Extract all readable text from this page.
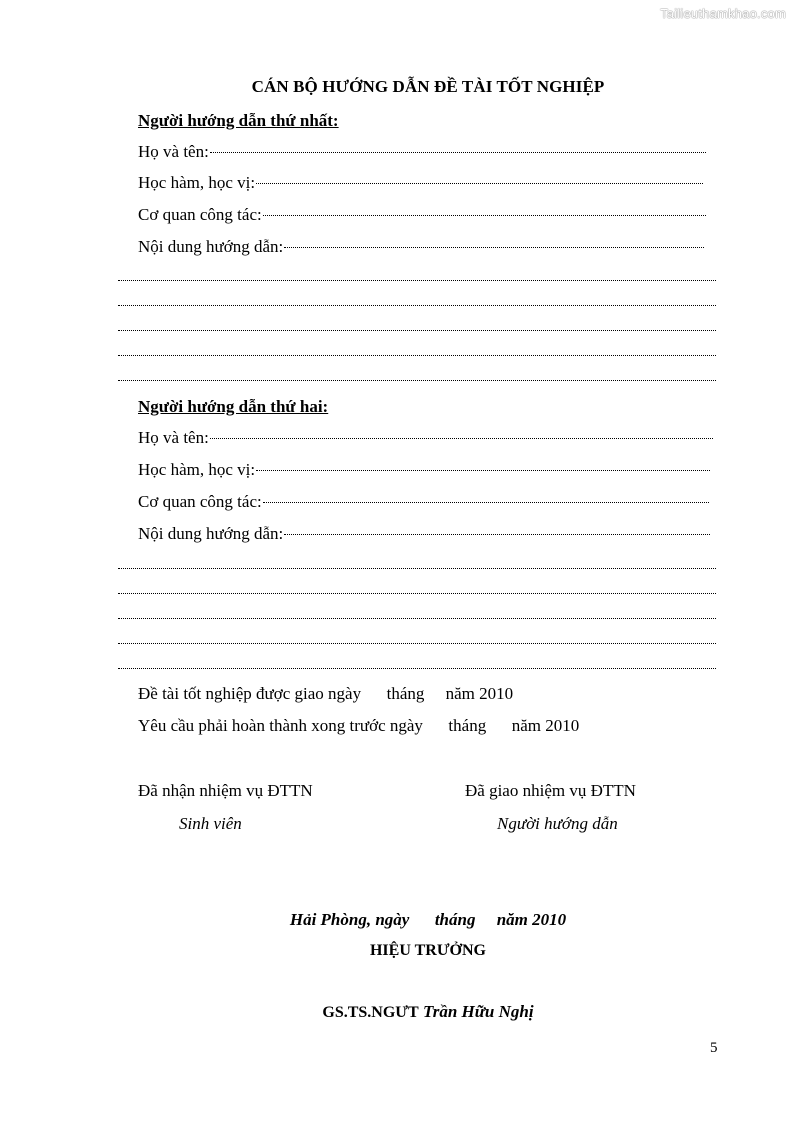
Tailieuthamkhao.com
CÁN BỘ HƯỚNG DẪN ĐỀ TÀI TỐT NGHIỆP
Người hướng dẫn thứ nhất:
Họ và tên:
Học hàm, học vị:
Cơ quan công tác:
Nội dung hướng dẫn:
Người hướng dẫn thứ hai:
Họ và tên:
Học hàm, học vị:
Cơ quan công tác:
Nội dung hướng dẫn:
Đề tài tốt nghiệp được giao ngày      tháng     năm 2010
Yêu cầu phải hoàn thành xong trước ngày      tháng      năm 2010
Đã nhận nhiệm vụ ĐTTN
Sinh viên
Đã giao nhiệm vụ ĐTTN
Người hướng dẫn
Hải Phòng, ngày      tháng     năm 2010
HIỆU TRƯỞNG
GS.TS.NGƯT Trần Hữu Nghị
5
